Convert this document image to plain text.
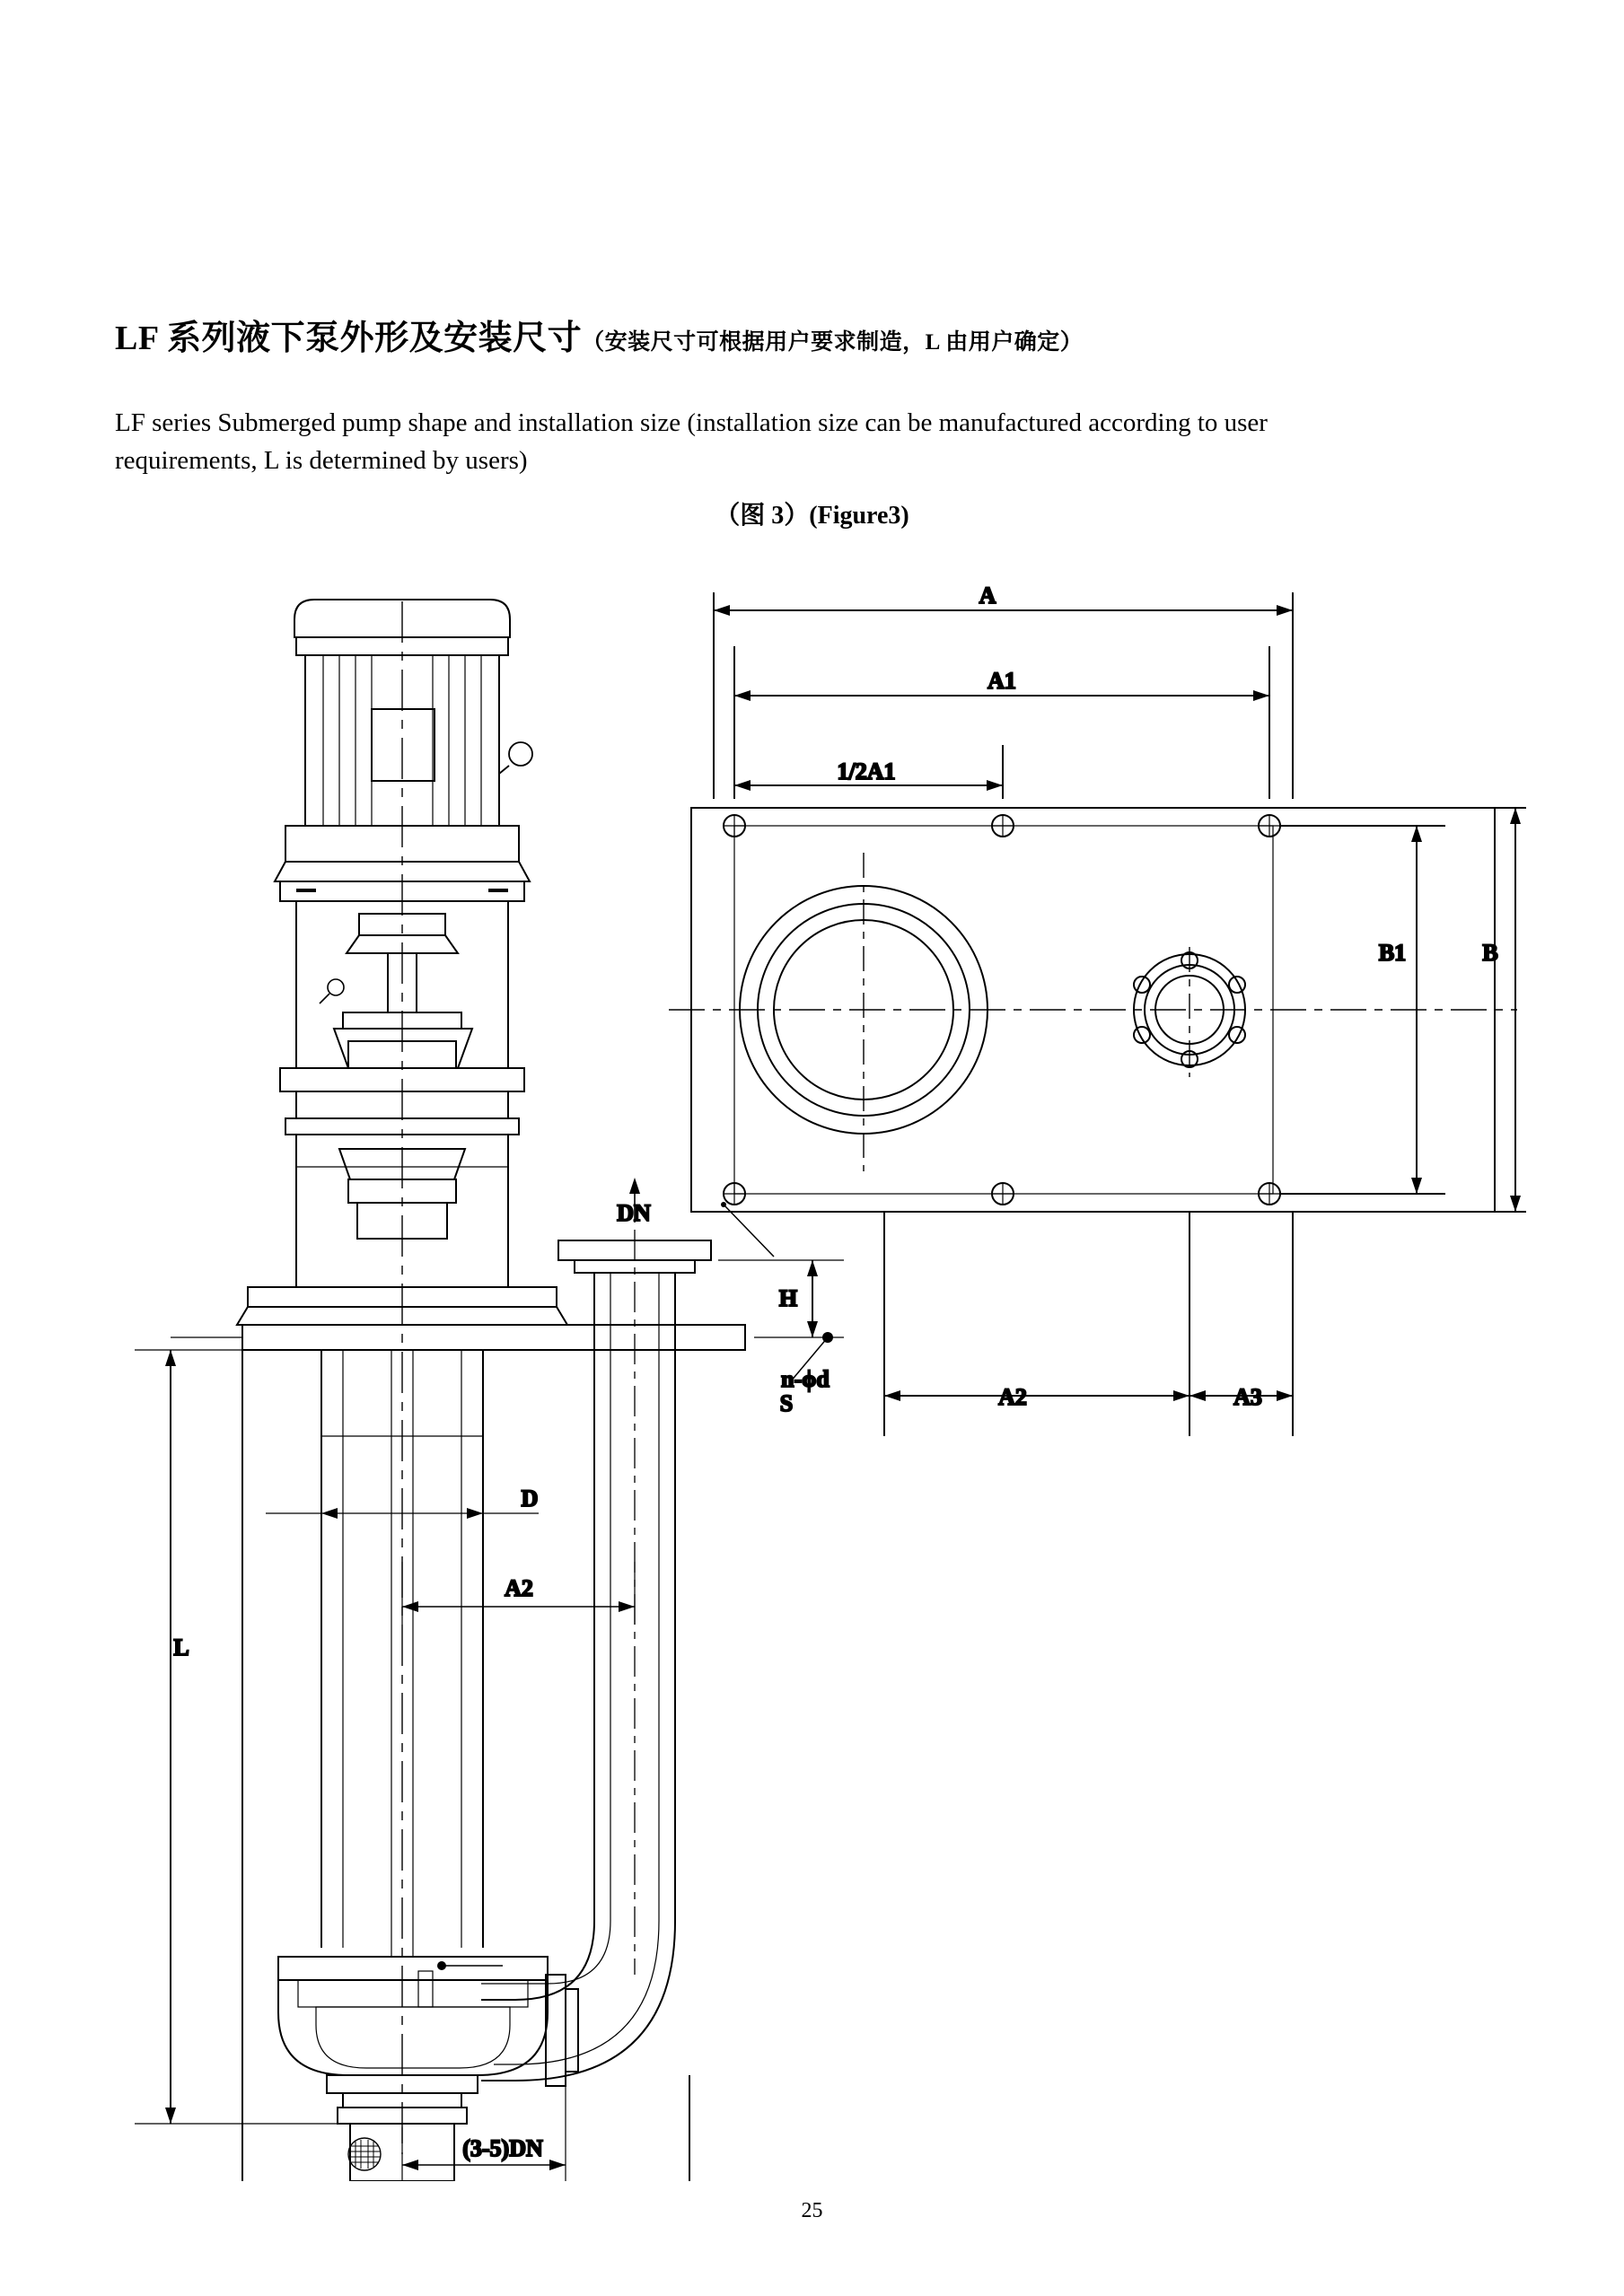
LF 系列液下泵外形及安装尺寸（安装尺寸可根据用户要求制造，L 由用户确定）
LF series Submerged pump shape and installation size (installation size can be manufactured according to user requirements, L is determined by users)
（图 3）(Figure3)
A
A1
1/2A1
A2	A3
B
B1
n-ϕd
DN
H
S
D
A2
L
(3-5)DN
25
